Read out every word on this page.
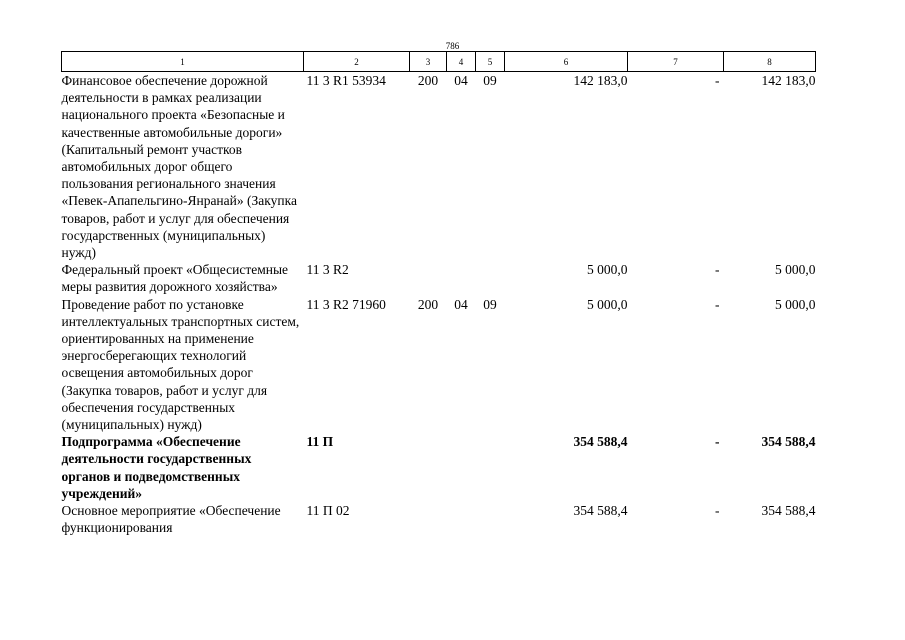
786
1	2	3	4	5	6	7	8
Финансовое обеспечение дорожной деятельности в рамках реализации национального проекта «Безопасные и качественные автомобильные дороги» (Капитальный ремонт участков автомобильных дорог общего пользования регионального значения «Певек-Апапельгино-Янранай» (Закупка товаров, работ и услуг для обеспечения государственных (муниципальных) нужд)	11 3 R1 53934	200	04	09	142 183,0	-	142 183,0
Федеральный проект «Общесистемные меры развития дорожного хозяйства»	11 3 R2				5 000,0	-	5 000,0
Проведение работ по установке интеллектуальных транспортных систем, ориентированных на применение энергосберегающих технологий освещения автомобильных дорог (Закупка товаров, работ и услуг для обеспечения государственных (муниципальных) нужд)	11 3 R2 71960	200	04	09	5 000,0	-	5 000,0
Подпрограмма «Обеспечение деятельности государственных органов и подведомственных учреждений»	11 П				354 588,4	-	354 588,4
Основное мероприятие «Обеспечение функционирования	11 П 02				354 588,4	-	354 588,4
